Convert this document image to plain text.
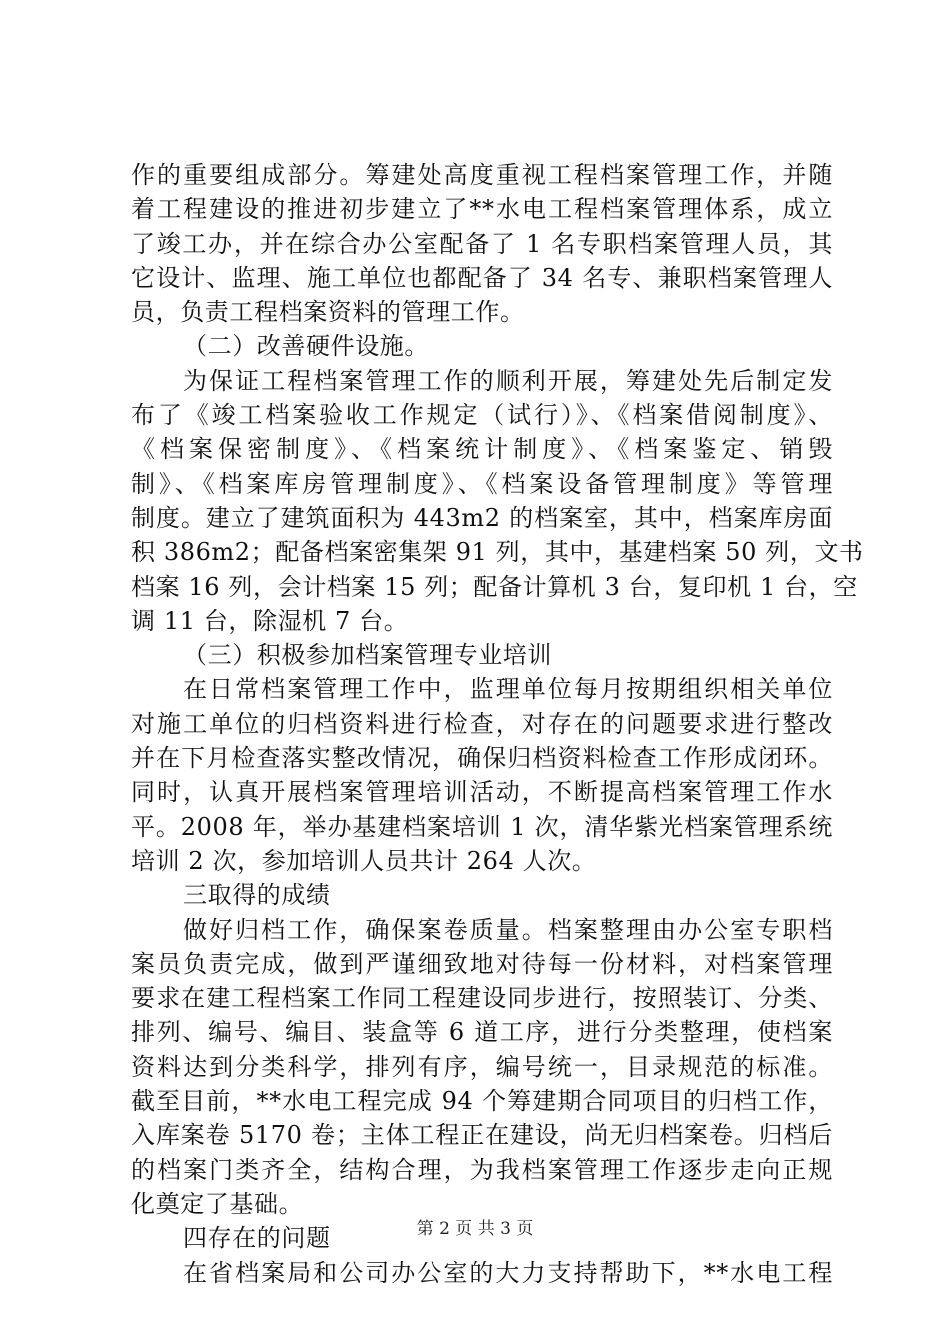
作的重要组成部分。筹建处高度重视工程档案管理工作，并随
着工程建设的推进初步建立了**水电工程档案管理体系，成立
了竣工办，并在综合办公室配备了 1 名专职档案管理人员，其
它设计、监理、施工单位也都配备了 34 名专、兼职档案管理人
员，负责工程档案资料的管理工作。
（二）改善硬件设施。
为保证工程档案管理工作的顺利开展，筹建处先后制定发
布了《竣工档案验收工作规定（试行）》、《档案借阅制度》、
《档案保密制度》、《档案统计制度》、《档案鉴定、销毁
制》、《档案库房管理制度》、《档案设备管理制度》等管理
制度。建立了建筑面积为 443m2 的档案室，其中，档案库房面
积 386m2；配备档案密集架 91 列，其中，基建档案 50 列，文书
档案 16 列，会计档案 15 列；配备计算机 3 台，复印机 1 台，空
调 11 台，除湿机 7 台。
（三）积极参加档案管理专业培训
在日常档案管理工作中，监理单位每月按期组织相关单位
对施工单位的归档资料进行检查，对存在的问题要求进行整改
并在下月检查落实整改情况，确保归档资料检查工作形成闭环。
同时，认真开展档案管理培训活动，不断提高档案管理工作水
平。2008 年，举办基建档案培训 1 次，清华紫光档案管理系统
培训 2 次，参加培训人员共计 264 人次。
三取得的成绩
做好归档工作，确保案卷质量。档案整理由办公室专职档
案员负责完成，做到严谨细致地对待每一份材料，对档案管理
要求在建工程档案工作同工程建设同步进行，按照装订、分类、
排列、编号、编目、装盒等 6 道工序，进行分类整理，使档案
资料达到分类科学，排列有序，编号统一，目录规范的标准。
截至目前，**水电工程完成 94 个筹建期合同项目的归档工作，
入库案卷 5170 卷；主体工程正在建设，尚无归档案卷。归档后
的档案门类齐全，结构合理，为我档案管理工作逐步走向正规
化奠定了基础。
四存在的问题
在省档案局和公司办公室的大力支持帮助下，**水电工程
第 2 页 共 3 页
